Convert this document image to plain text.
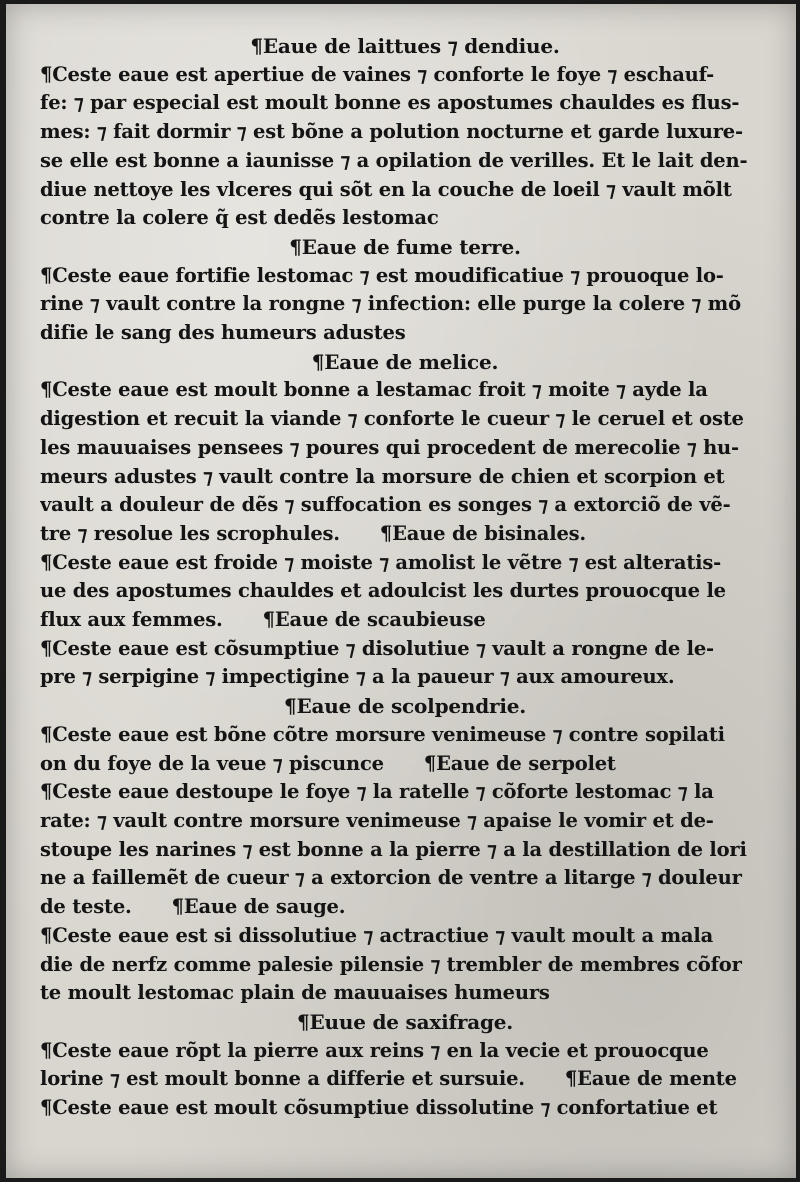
¶Eaue de laittues ⁊ dendiue.
¶Ceste eaue est apertiue de vaines ⁊ conforte le foye ⁊ eschauf-
fe: ⁊ par especial est moult bonne es apostumes chauldes es flus-
mes: ⁊ fait dormir ⁊ est bõne a polution nocturne et garde luxure-
se elle est bonne a iaunisse ⁊ a opilation de verilles. Et le lait den-
diue nettoye les vlceres qui sõt en la couche de loeil ⁊ vault mõlt
contre la colere q̃ est dedẽs lestomac
¶Eaue de fume terre.
¶Ceste eaue fortifie lestomac ⁊ est moudificatiue ⁊ prouoque lo-
rine ⁊ vault contre la rongne ⁊ infection: elle purge la colere ⁊ mõ
difie le sang des humeurs adustes
¶Eaue de melice.
¶Ceste eaue est moult bonne a lestamac froit ⁊ moite ⁊ ayde la
digestion et recuit la viande ⁊ conforte le cueur ⁊ le ceruel et oste
les mauuaises pensees ⁊ poures qui procedent de merecolie ⁊ hu-
meurs adustes ⁊ vault contre la morsure de chien et scorpion et
vault a douleur de dẽs ⁊ suffocation es songes ⁊ a extorciõ de vẽ-
tre ⁊ resolue les scrophules. ¶Eaue de bisinales.
¶Ceste eaue est froide ⁊ moiste ⁊ amolist le vẽtre ⁊ est alteratis-
ue des apostumes chauldes et adoulcist les durtes prouocque le
flux aux femmes. ¶Eaue de scaubieuse
¶Ceste eaue est cõsumptiue ⁊ disolutiue ⁊ vault a rongne de le-
pre ⁊ serpigine ⁊ impectigine ⁊ a la paueur ⁊ aux amoureux.
¶Eaue de scolpendrie.
¶Ceste eaue est bõne cõtre morsure venimeuse ⁊ contre sopilati
on du foye de la veue ⁊ piscunce ¶Eaue de serpolet
¶Ceste eaue destoupe le foye ⁊ la ratelle ⁊ cõforte lestomac ⁊ la
rate: ⁊ vault contre morsure venimeuse ⁊ apaise le vomir et de-
stoupe les narines ⁊ est bonne a la pierre ⁊ a la destillation de lori
ne a faillemẽt de cueur ⁊ a extorcion de ventre a litarge ⁊ douleur
de teste. ¶Eaue de sauge.
¶Ceste eaue est si dissolutiue ⁊ actractiue ⁊ vault moult a mala
die de nerfz comme palesie pilensie ⁊ trembler de membres cõfor
te moult lestomac plain de mauuaises humeurs
¶Euue de saxifrage.
¶Ceste eaue rõpt la pierre aux reins ⁊ en la vecie et prouocque
lorine ⁊ est moult bonne a differie et sursuie. ¶Eaue de mente
¶Ceste eaue est moult cõsumptiue dissolutine ⁊ confortatiue et
